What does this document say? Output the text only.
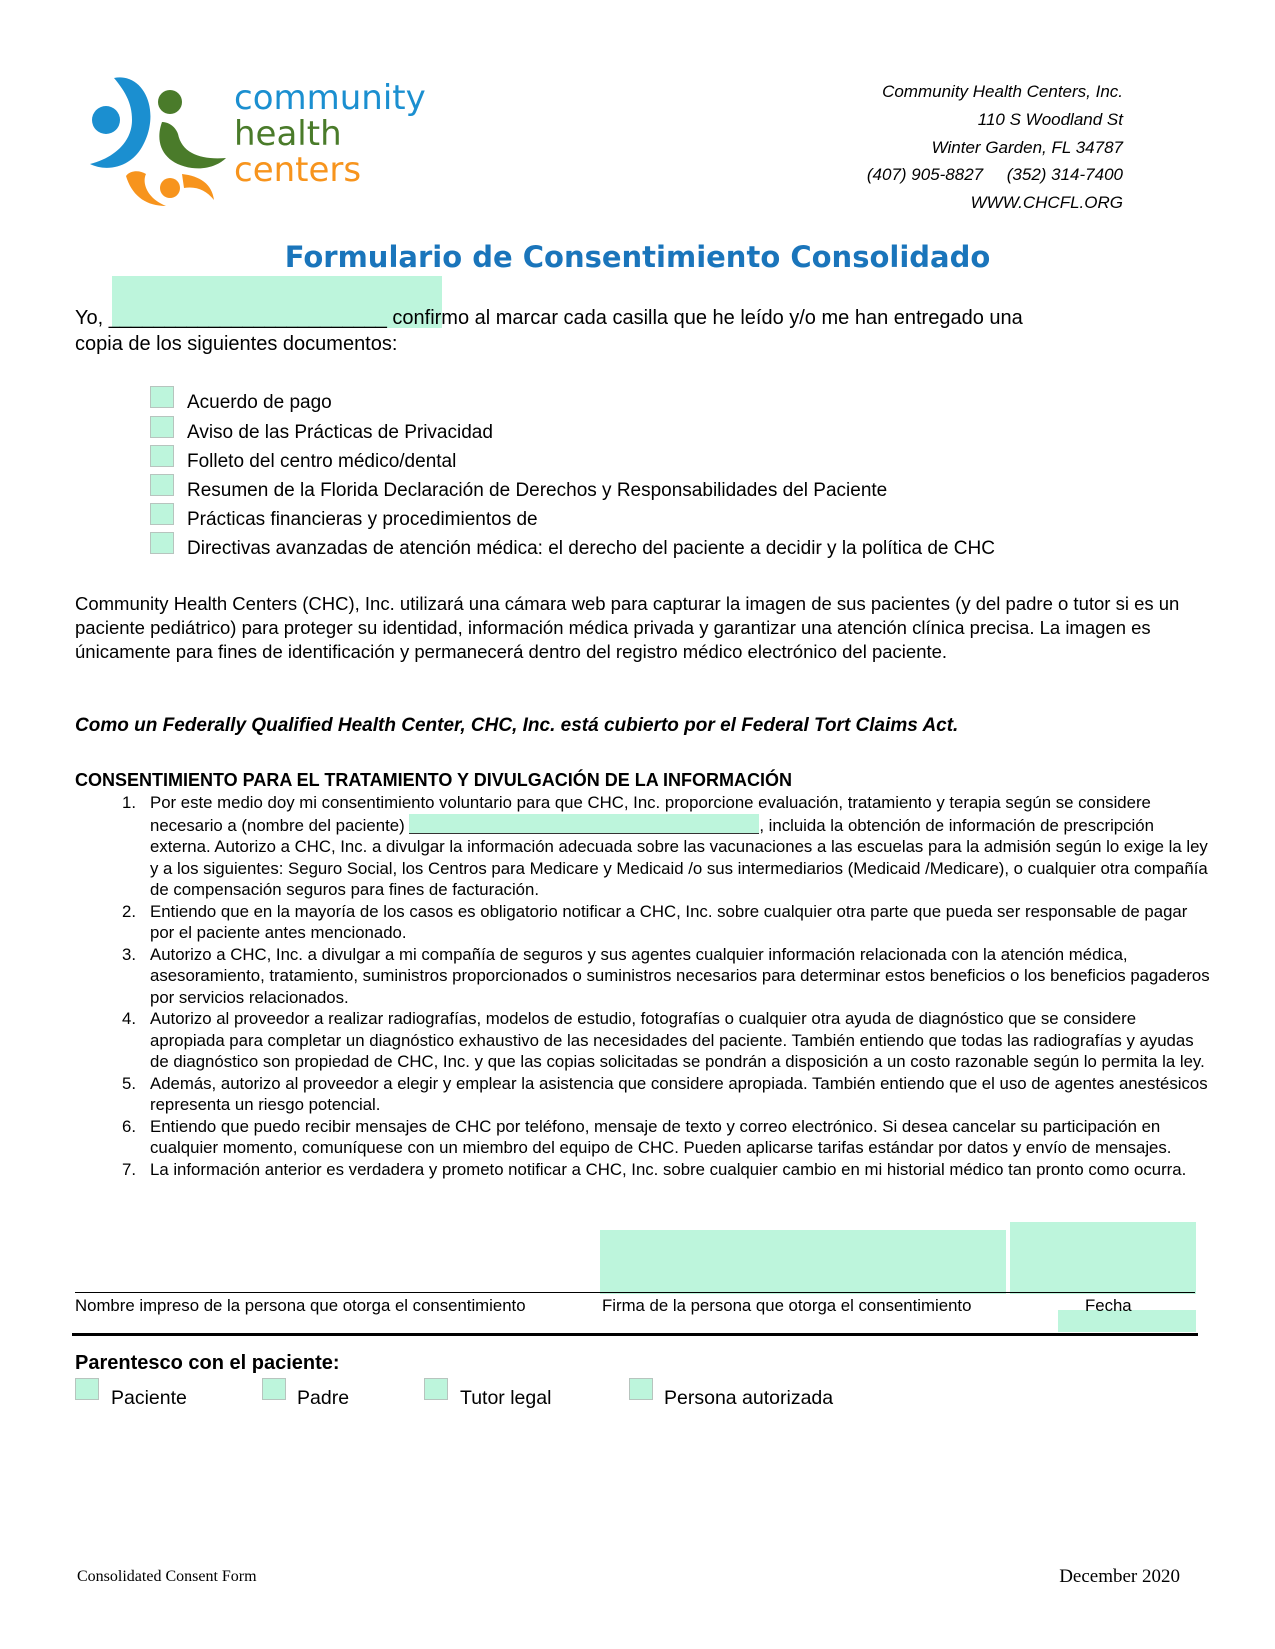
community
health
centers
Community Health Centers, Inc.
110 S Woodland St
Winter Garden, FL 34787
(407) 905-8827     (352) 314-7400
WWW.CHCFL.ORG
Formulario de Consentimiento Consolidado
Yo, _________________________ confirmo al marcar cada casilla que he leído y/o me han entregado una
copia de los siguientes documentos:
Acuerdo de pago
Aviso de las Prácticas de Privacidad
Folleto del centro médico/dental
Resumen de la Florida Declaración de Derechos y Responsabilidades del Paciente
Prácticas financieras y procedimientos de
Directivas avanzadas de atención médica: el derecho del paciente a decidir y la política de CHC
Community Health Centers (CHC), Inc. utilizará una cámara web para capturar la imagen de sus pacientes (y del padre o tutor si es un paciente pediátrico) para proteger su identidad, información médica privada y garantizar una atención clínica precisa. La imagen es únicamente para fines de identificación y permanecerá dentro del registro médico electrónico del paciente.
Como un Federally Qualified Health Center, CHC, Inc. está cubierto por el Federal Tort Claims Act.
CONSENTIMIENTO PARA EL TRATAMIENTO Y DIVULGACIÓN DE LA INFORMACIÓN
1. Por este medio doy mi consentimiento voluntario para que CHC, Inc. proporcione evaluación, tratamiento y terapia según se considere necesario a (nombre del paciente)	, incluida la obtención de información de prescripción externa. Autorizo a CHC, Inc. a divulgar la información adecuada sobre las vacunaciones a las escuelas para la admisión según lo exige la ley y a los siguientes: Seguro Social, los Centros para Medicare y Medicaid /o sus intermediarios (Medicaid /Medicare), o cualquier otra compañía de compensación seguros para fines de facturación.
2. Entiendo que en la mayoría de los casos es obligatorio notificar a CHC, Inc. sobre cualquier otra parte que pueda ser responsable de pagar por el paciente antes mencionado.
3. Autorizo a CHC, Inc. a divulgar a mi compañía de seguros y sus agentes cualquier información relacionada con la atención médica, asesoramiento, tratamiento, suministros proporcionados o suministros necesarios para determinar estos beneficios o los beneficios pagaderos por servicios relacionados.
4. Autorizo al proveedor a realizar radiografías, modelos de estudio, fotografías o cualquier otra ayuda de diagnóstico que se considere apropiada para completar un diagnóstico exhaustivo de las necesidades del paciente. También entiendo que todas las radiografías y ayudas de diagnóstico son propiedad de CHC, Inc. y que las copias solicitadas se pondrán a disposición a un costo razonable según lo permita la ley.
5. Además, autorizo al proveedor a elegir y emplear la asistencia que considere apropiada. También entiendo que el uso de agentes anestésicos representa un riesgo potencial.
6. Entiendo que puedo recibir mensajes de CHC por teléfono, mensaje de texto y correo electrónico. Si desea cancelar su participación en cualquier momento, comuníquese con un miembro del equipo de CHC. Pueden aplicarse tarifas estándar por datos y envío de mensajes.
7. La información anterior es verdadera y prometo notificar a CHC, Inc. sobre cualquier cambio en mi historial médico tan pronto como ocurra.
Nombre impreso de la persona que otorga el consentimiento	Firma de la persona que otorga el consentimiento	Fecha
Parentesco con el paciente:
Paciente	Padre	Tutor legal	Persona autorizada
Consolidated Consent Form	December 2020
